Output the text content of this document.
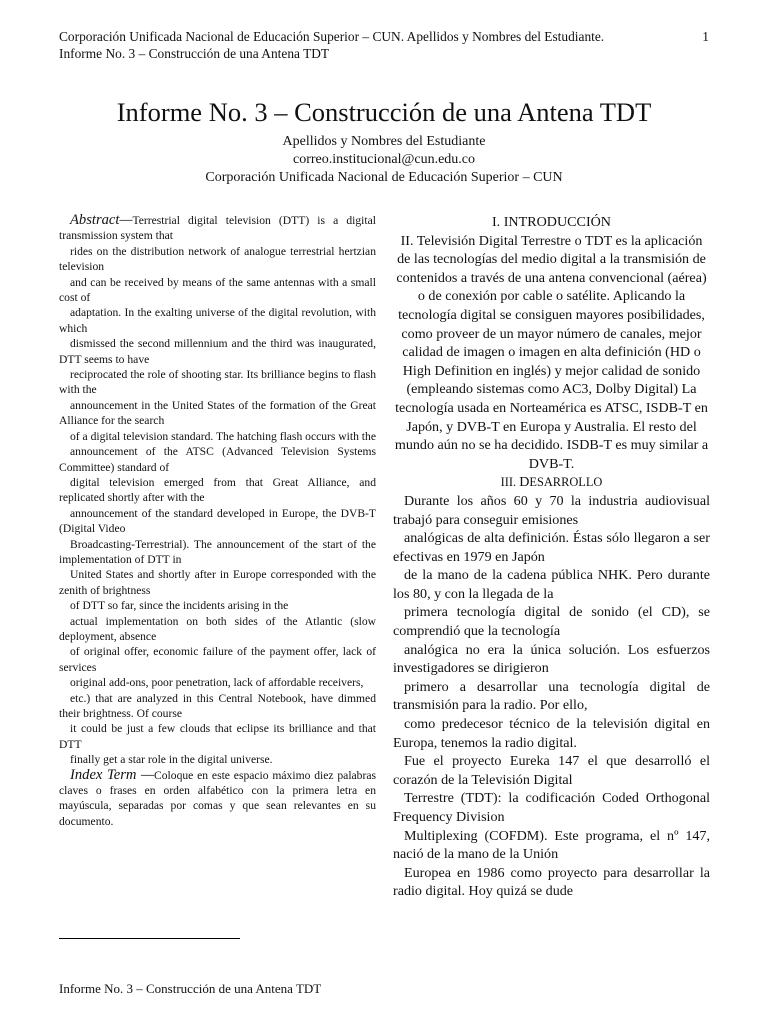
Corporación Unificada Nacional de Educación Superior – CUN. Apellidos y Nombres del Estudiante.
Informe No. 3 – Construcción de una Antena TDT
1
Informe No. 3 – Construcción de una Antena TDT
Apellidos y Nombres del Estudiante
correo.institucional@cun.edu.co
Corporación Unificada Nacional de Educación Superior – CUN

Abstract—Terrestrial digital television (DTT) is a digital transmission system that

rides on the distribution network of analogue terrestrial hertzian television

and can be received by means of the same antennas with a small cost of

adaptation. In the exalting universe of the digital revolution, with which

dismissed the second millennium and the third was inaugurated, DTT seems to have

reciprocated the role of shooting star. Its brilliance begins to flash with the

announcement in the United States of the formation of the Great Alliance for the search

of a digital television standard. The hatching flash occurs with the

announcement of the ATSC (Advanced Television Systems Committee) standard of

digital television emerged from that Great Alliance, and replicated shortly after with the

announcement of the standard developed in Europe, the DVB-T (Digital Video

Broadcasting-Terrestrial). The announcement of the start of the implementation of DTT in

United States and shortly after in Europe corresponded with the zenith of brightness

of DTT so far, since the incidents arising in the

actual implementation on both sides of the Atlantic (slow deployment, absence

of original offer, economic failure of the payment offer, lack of services

original add-ons, poor penetration, lack of affordable receivers,

etc.) that are analyzed in this Central Notebook, have dimmed their brightness. Of course

it could be just a few clouds that eclipse its brilliance and that DTT

finally get a star role in the digital universe.

Index Term —Coloque en este espacio máximo diez palabras claves o frases en orden alfabético con la primera letra en mayúscula, separadas por comas y que sean relevantes en su documento.

I. INTRODUCCIÓN

II. Televisión Digital Terrestre o TDT es la aplicación de las tecnologías del medio digital a la transmisión de contenidos a través de una antena convencional (aérea) o de conexión por cable o satélite. Aplicando la tecnología digital se consiguen mayores posibilidades, como proveer de un mayor número de canales, mejor calidad de imagen o imagen en alta definición (HD o High Definition en inglés) y mejor calidad de sonido (empleando sistemas como AC3, Dolby Digital) La tecnología usada en Norteamérica es ATSC, ISDB-T en Japón, y DVB-T en Europa y Australia. El resto del mundo aún no se ha decidido. ISDB-T es muy similar a DVB-T.

III. DESARROLLO

Durante los años 60 y 70 la industria audiovisual trabajó para conseguir emisiones

analógicas de alta definición. Éstas sólo llegaron a ser efectivas en 1979 en Japón

de la mano de la cadena pública NHK. Pero durante los 80, y con la llegada de la

primera tecnología digital de sonido (el CD), se comprendió que la tecnología

analógica no era la única solución. Los esfuerzos investigadores se dirigieron

primero a desarrollar una tecnología digital de transmisión para la radio. Por ello,

como predecesor técnico de la televisión digital en Europa, tenemos la radio digital.

Fue el proyecto Eureka 147 el que desarrolló el corazón de la Televisión Digital

Terrestre (TDT): la codificación Coded Orthogonal Frequency Division

Multiplexing (COFDM). Este programa, el nº 147, nació de la mano de la Unión

Europea en 1986 como proyecto para desarrollar la radio digital. Hoy quizá se dude

Informe No. 3 – Construcción de una Antena TDT
